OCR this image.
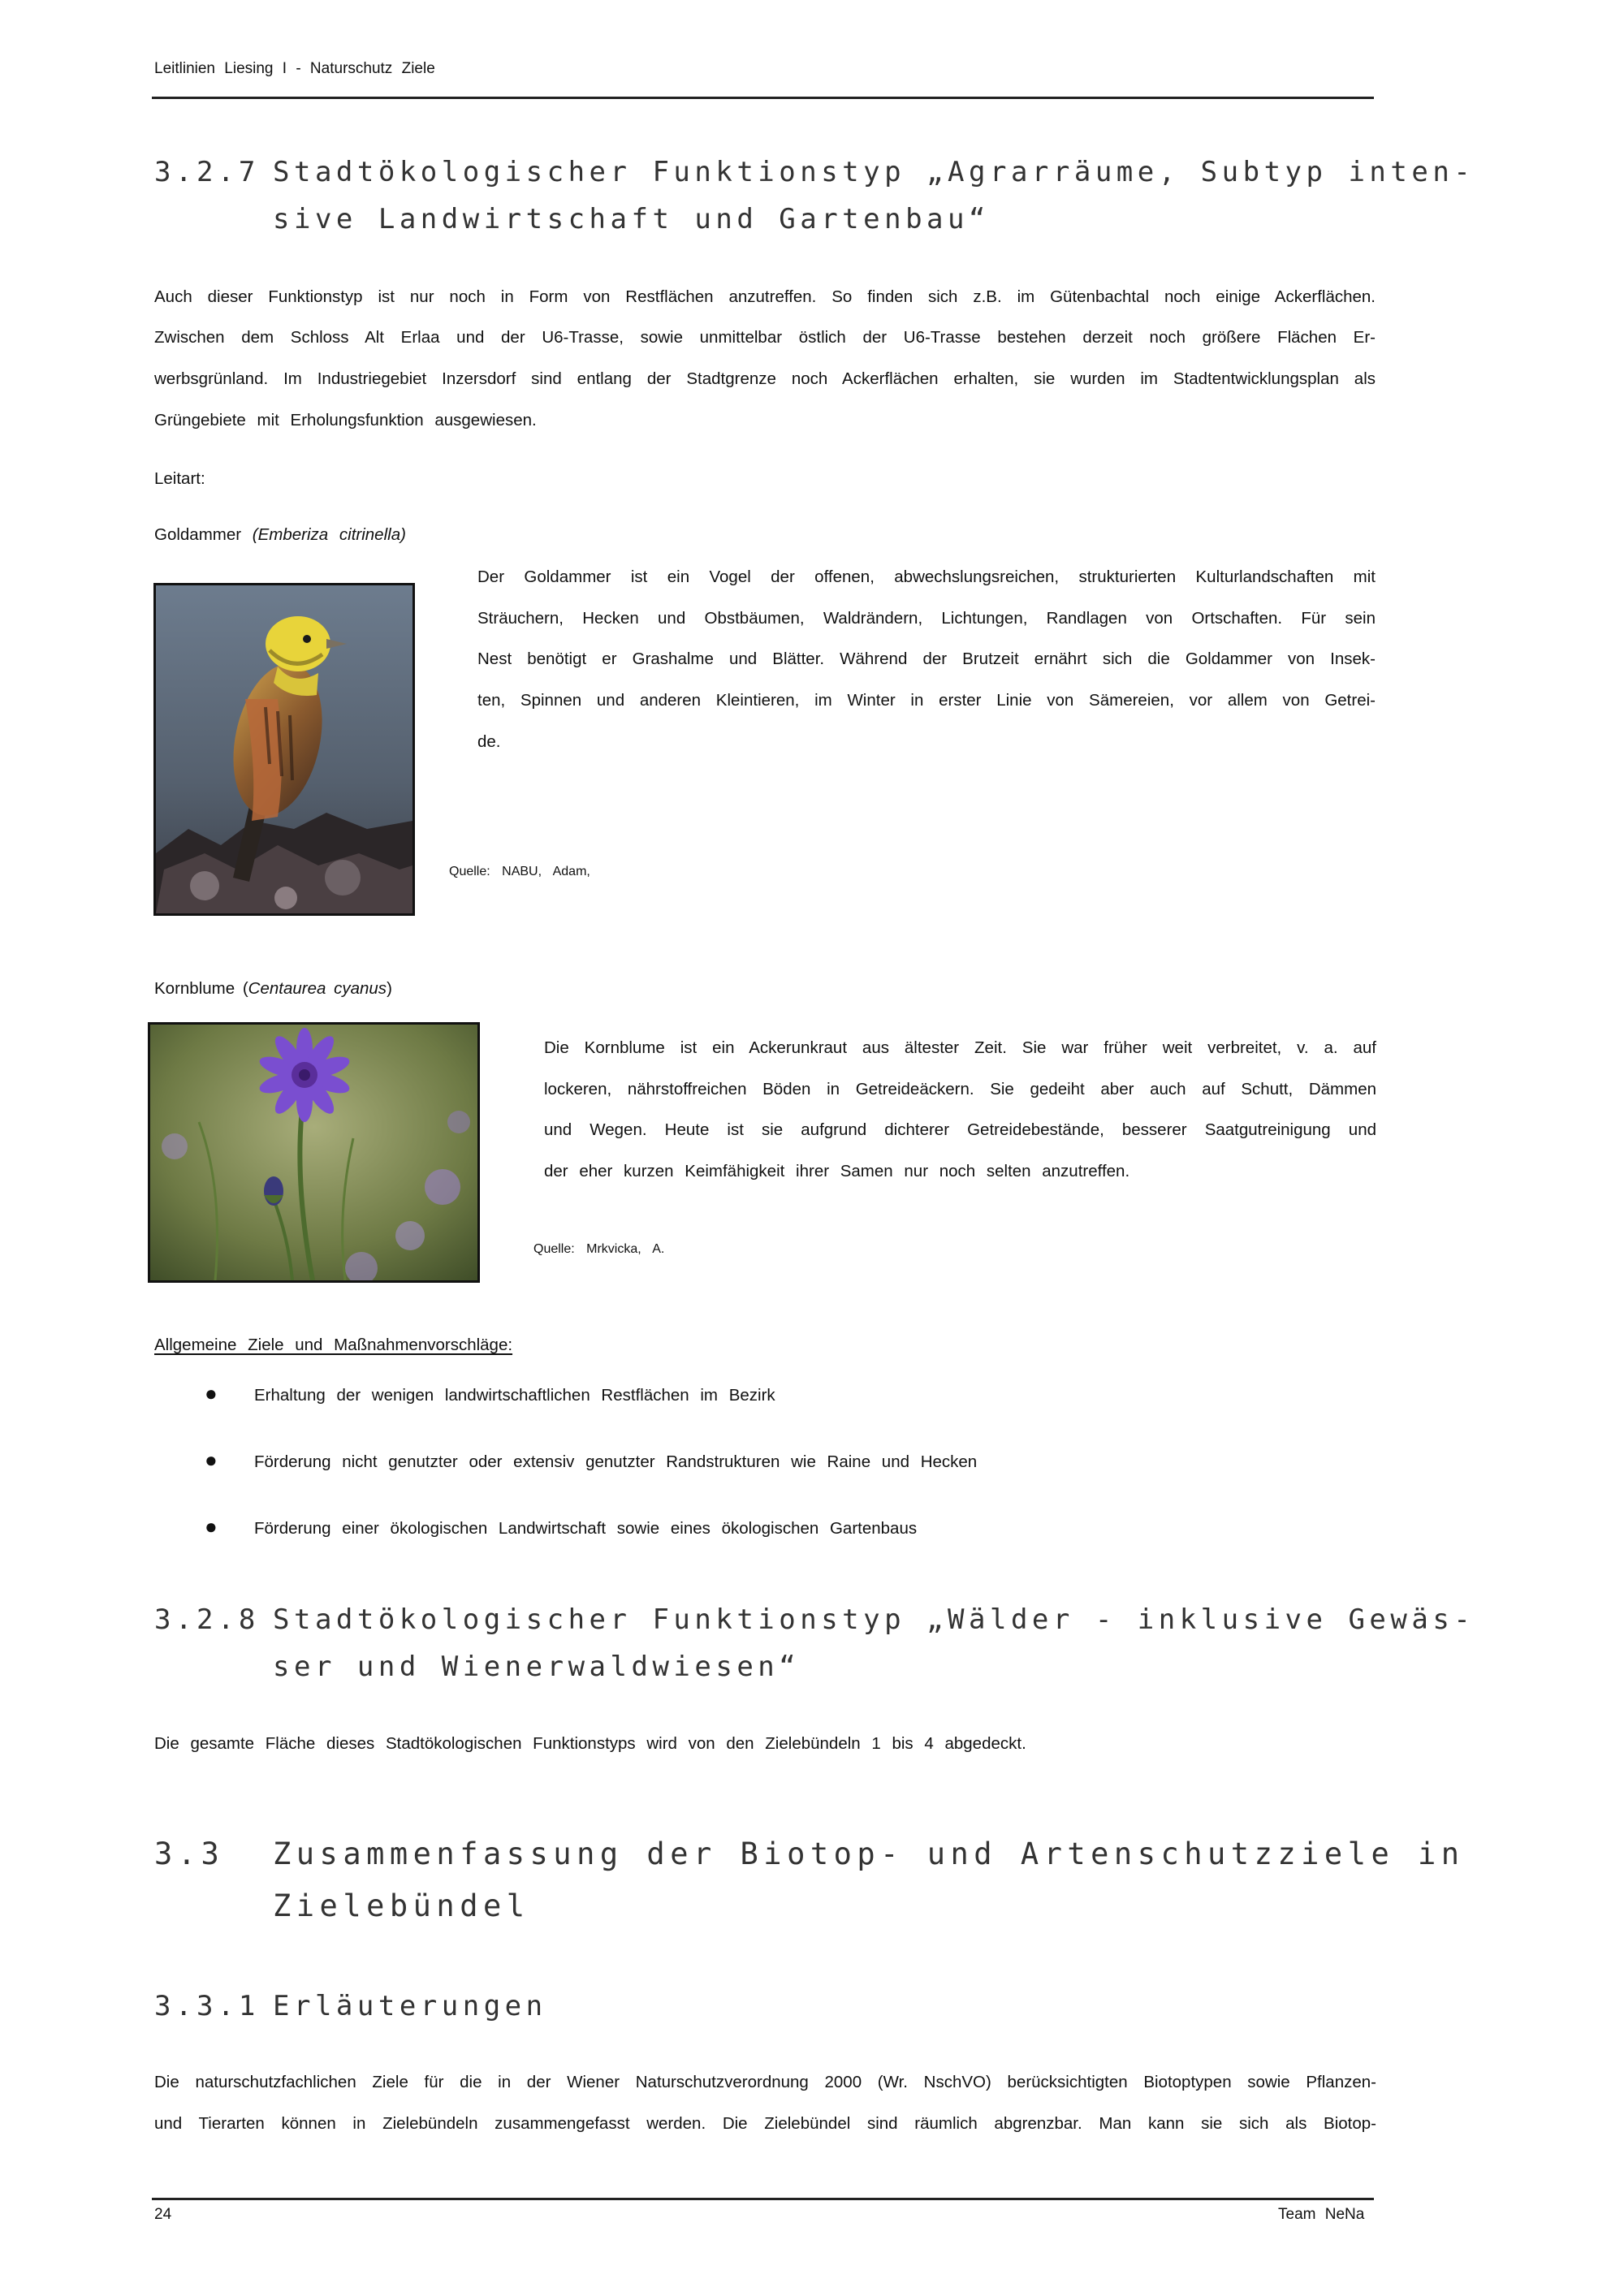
Leitlinien Liesing I - Naturschutz Ziele
3.2.7 Stadtökologischer Funktionstyp „Agrarräume, Subtyp inten-
sive Landwirtschaft und Gartenbau“
Auch dieser Funktionstyp ist nur noch in Form von Restflächen anzutreffen. So finden sich z.B. im Gütenbachtal noch einige Ackerflächen.
Zwischen dem Schloss Alt Erlaa und der U6-Trasse, sowie unmittelbar östlich der U6-Trasse bestehen derzeit noch größere Flächen Er-
werbsgrünland. Im Industriegebiet Inzersdorf sind entlang der Stadtgrenze noch Ackerflächen erhalten, sie wurden im Stadtentwicklungsplan als
Grüngebiete mit Erholungsfunktion ausgewiesen.
Leitart:
Goldammer (Emberiza citrinella)
Der Goldammer ist ein Vogel der offenen, abwechslungsreichen, strukturierten Kulturlandschaften mit
Sträuchern, Hecken und Obstbäumen, Waldrändern, Lichtungen, Randlagen von Ortschaften. Für sein
Nest benötigt er Grashalme und Blätter. Während der Brutzeit ernährt sich die Goldammer von Insek-
ten, Spinnen und anderen Kleintieren, im Winter in erster Linie von Sämereien, vor allem von Getrei-
de.
Quelle: NABU, Adam,
Kornblume (Centaurea cyanus)
Die Kornblume ist ein Ackerunkraut aus ältester Zeit. Sie war früher weit verbreitet, v. a. auf
lockeren, nährstoffreichen Böden in Getreideäckern. Sie gedeiht aber auch auf Schutt, Dämmen
und Wegen. Heute ist sie aufgrund dichterer Getreidebestände, besserer Saatgutreinigung und
der eher kurzen Keimfähigkeit ihrer Samen nur noch selten anzutreffen.
Quelle: Mrkvicka, A.
Allgemeine Ziele und Maßnahmenvorschläge:
● Erhaltung der wenigen landwirtschaftlichen Restflächen im Bezirk
● Förderung nicht genutzter oder extensiv genutzter Randstrukturen wie Raine und Hecken
● Förderung einer ökologischen Landwirtschaft sowie eines ökologischen Gartenbaus
3.2.8 Stadtökologischer Funktionstyp „Wälder - inklusive Gewäs-
ser und Wienerwaldwiesen“
Die gesamte Fläche dieses Stadtökologischen Funktionstyps wird von den Zielebündeln 1 bis 4 abgedeckt.
3.3 Zusammenfassung der Biotop- und Artenschutzziele in
Zielebündel
3.3.1 Erläuterungen
Die naturschutzfachlichen Ziele für die in der Wiener Naturschutzverordnung 2000 (Wr. NschVO) berücksichtigten Biotoptypen sowie Pflanzen-
und Tierarten können in Zielebündeln zusammengefasst werden. Die Zielebündel sind räumlich abgrenzbar. Man kann sie sich als Biotop-
24	Team NeNa
